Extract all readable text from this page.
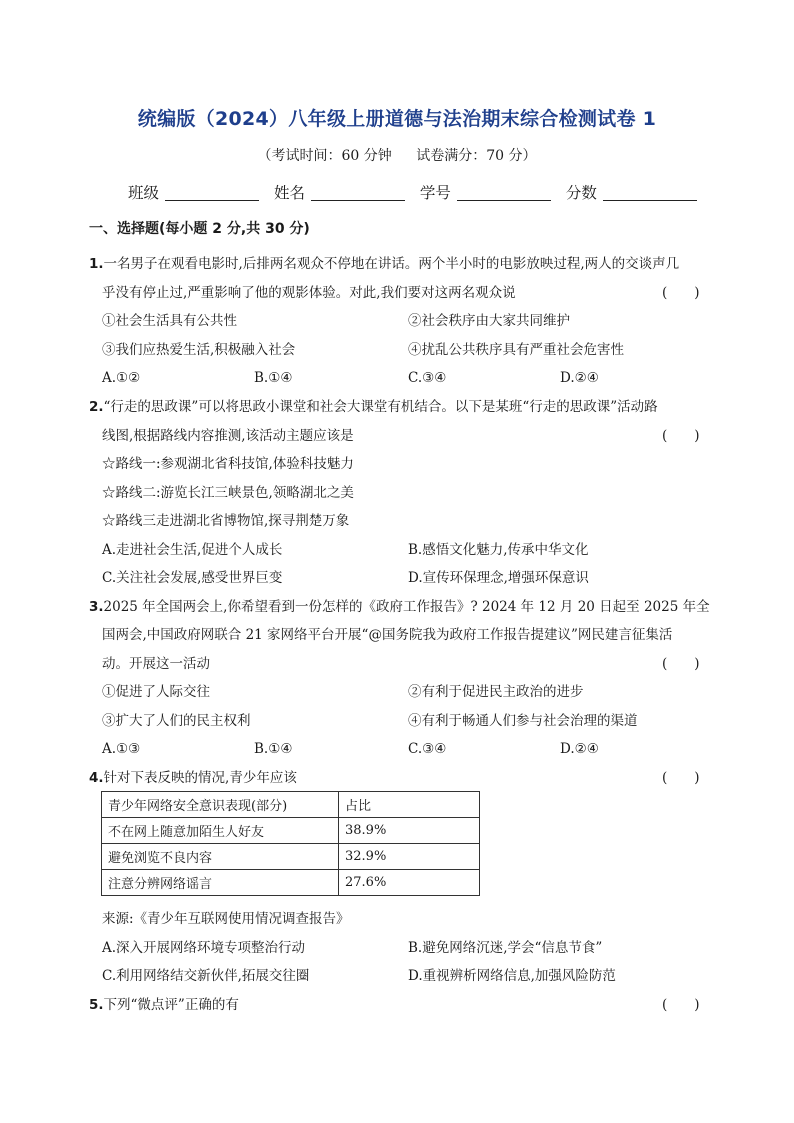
统编版（2024）八年级上册道德与法治期末综合检测试卷 1
（考试时间：60 分钟 试卷满分：70 分）
班级	姓名	学号	分数
一、选择题(每小题 2 分,共 30 分)
1.一名男子在观看电影时,后排两名观众不停地在讲话。两个半小时的电影放映过程,两人的交谈声几
乎没有停止过,严重影响了他的观影体验。对此,我们要对这两名观众说	(　　)
①社会生活具有公共性	②社会秩序由大家共同维护
③我们应热爱生活,积极融入社会	④扰乱公共秩序具有严重社会危害性
A.①②	B.①④	C.③④	D.②④
2.“行走的思政课”可以将思政小课堂和社会大课堂有机结合。以下是某班“行走的思政课”活动路
线图,根据路线内容推测,该活动主题应该是	(　　)
☆路线一:参观湖北省科技馆,体验科技魅力
☆路线二:游览长江三峡景色,领略湖北之美
☆路线三走进湖北省博物馆,探寻荆楚万象
A.走进社会生活,促进个人成长	B.感悟文化魅力,传承中华文化
C.关注社会发展,感受世界巨变	D.宣传环保理念,增强环保意识
3.2025 年全国两会上,你希望看到一份怎样的《政府工作报告》? 2024 年 12 月 20 日起至 2025 年全
国两会,中国政府网联合 21 家网络平台开展“@国务院我为政府工作报告提建议”网民建言征集活
动。开展这一活动	(　　)
①促进了人际交往	②有利于促进民主政治的进步
③扩大了人们的民主权利	④有利于畅通人们参与社会治理的渠道
A.①③	B.①④	C.③④	D.②④
4.针对下表反映的情况,青少年应该	(　　)
青少年网络安全意识表现(部分)	占比
不在网上随意加陌生人好友	38.9%
避免浏览不良内容	32.9%
注意分辨网络谣言	27.6%
来源:《青少年互联网使用情况调查报告》
A.深入开展网络环境专项整治行动	B.避免网络沉迷,学会“信息节食”
C.利用网络结交新伙伴,拓展交往圈	D.重视辨析网络信息,加强风险防范
5.下列“微点评”正确的有	(　　)
